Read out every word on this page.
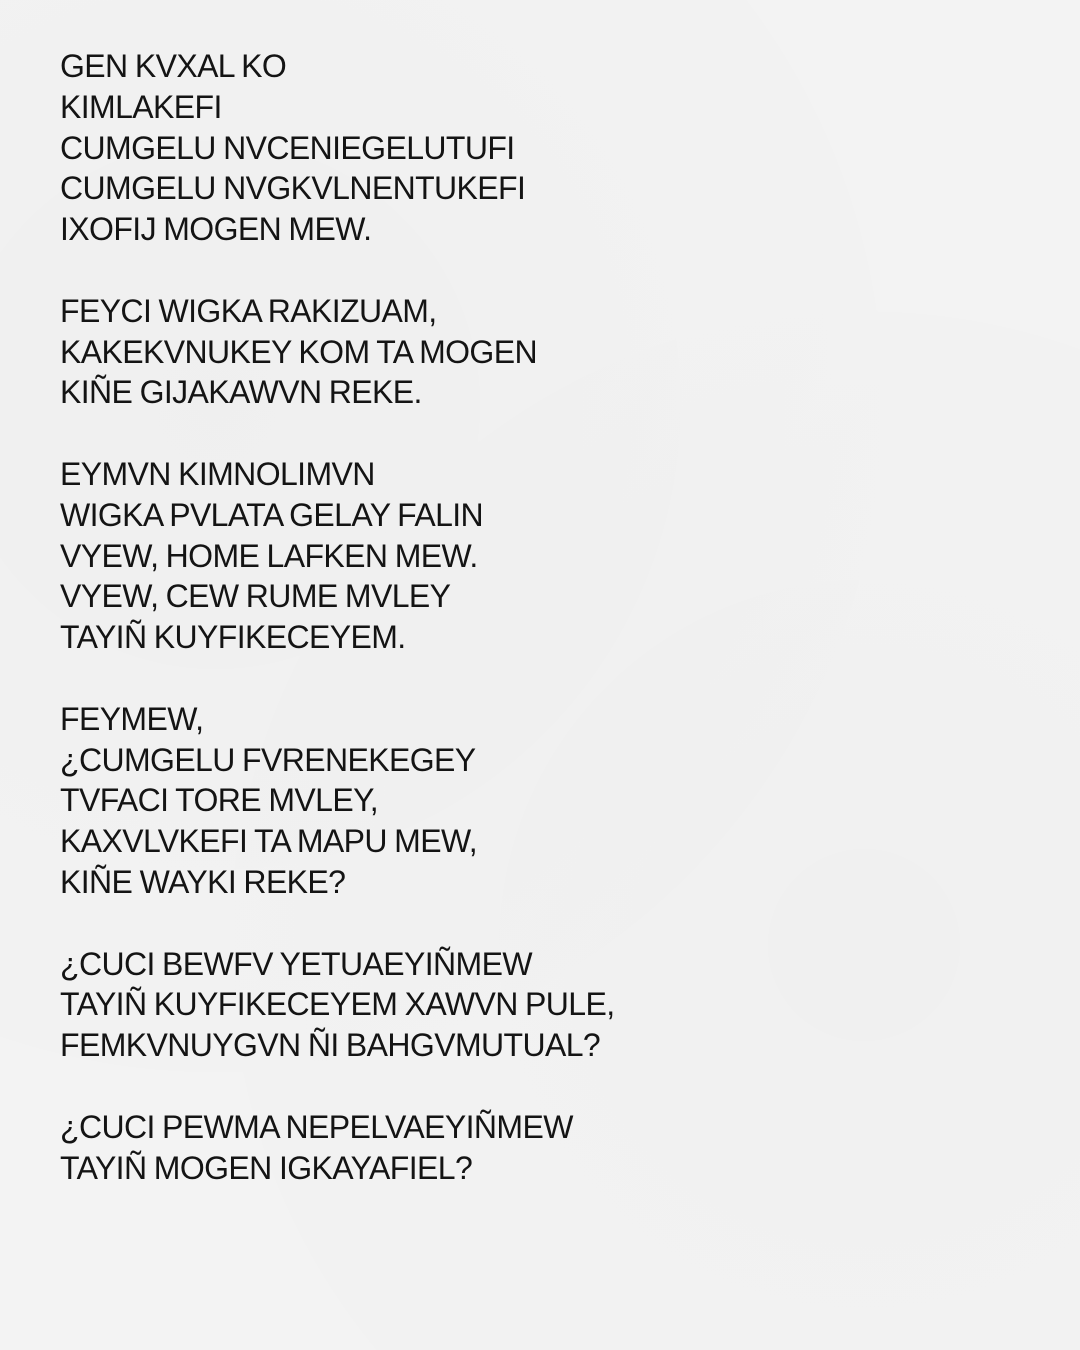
GEN KVXAL KO
KIMLAKEFI
CUMGELU NVCENIEGELUTUFI
CUMGELU NVGKVLNENTUKEFI
IXOFIJ MOGEN MEW.
FEYCI WIGKA RAKIZUAM,
KAKEKVNUKEY KOM TA MOGEN
KIÑE GIJAKAWVN REKE.
EYMVN KIMNOLIMVN
WIGKA PVLATA GELAY FALIN
VYEW, HOME LAFKEN MEW.
VYEW, CEW RUME MVLEY
TAYIÑ KUYFIKECEYEM.
FEYMEW,
¿CUMGELU FVRENEKEGEY
TVFACI TORE MVLEY,
KAXVLVKEFI TA MAPU MEW,
KIÑE WAYKI REKE?
¿CUCI BEWFV YETUAEYIÑMEW
TAYIÑ KUYFIKECEYEM XAWVN PULE,
FEMKVNUYGVN ÑI BAHGVMUTUAL?
¿CUCI PEWMA NEPELVAEYIÑMEW
TAYIÑ MOGEN IGKAYAFIEL?
